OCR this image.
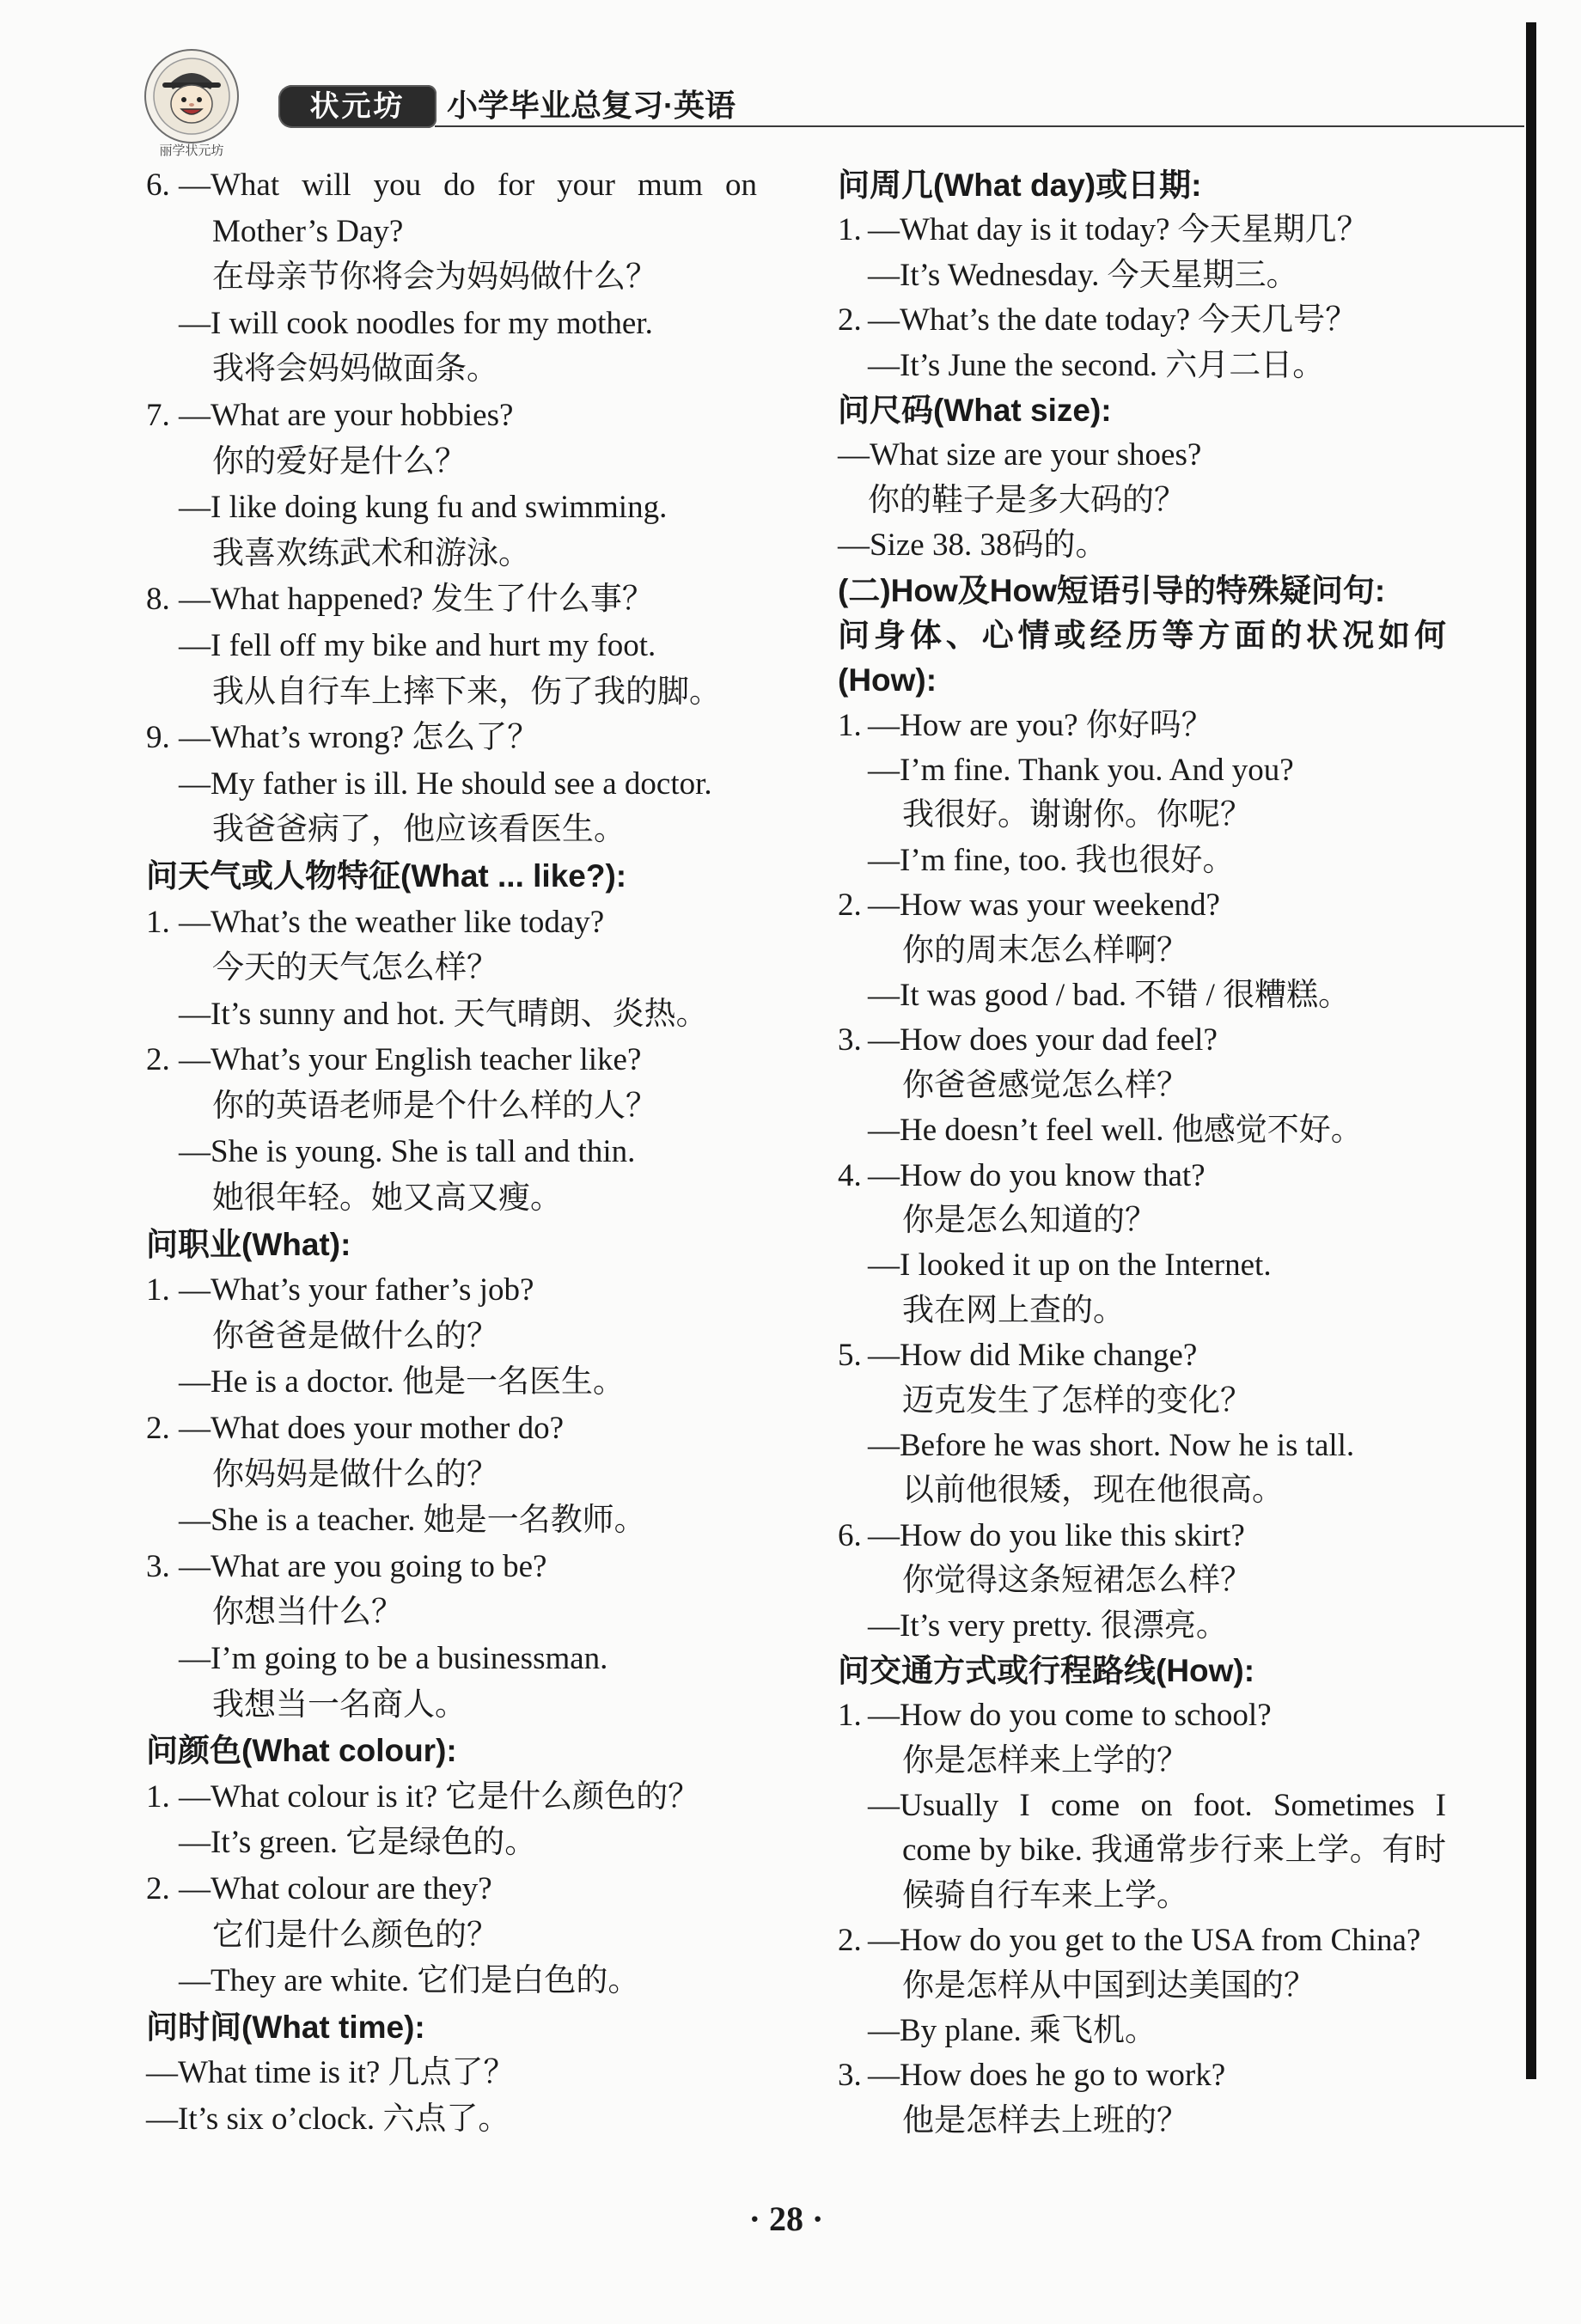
丽学状元坊
状元坊	小学毕业总复习·英语
6. —What will you do for your mum on
Mother’s Day?
在母亲节你将会为妈妈做什么？
—I will cook noodles for my mother.
我将会妈妈做面条。
7. —What are your hobbies?
你的爱好是什么？
—I like doing kung fu and swimming.
我喜欢练武术和游泳。
8. —What happened? 发生了什么事？
—I fell off my bike and hurt my foot.
我从自行车上摔下来，伤了我的脚。
9. —What’s wrong? 怎么了？
—My father is ill. He should see a doctor.
我爸爸病了，他应该看医生。
问天气或人物特征(What ... like?):
1. —What’s the weather like today?
今天的天气怎么样？
—It’s sunny and hot. 天气晴朗、炎热。
2. —What’s your English teacher like?
你的英语老师是个什么样的人？
—She is young. She is tall and thin.
她很年轻。她又高又瘦。
问职业(What):
1. —What’s your father’s job?
你爸爸是做什么的？
—He is a doctor. 他是一名医生。
2. —What does your mother do?
你妈妈是做什么的？
—She is a teacher. 她是一名教师。
3. —What are you going to be?
你想当什么？
—I’m going to be a businessman.
我想当一名商人。
问颜色(What colour):
1. —What colour is it? 它是什么颜色的？
—It’s green. 它是绿色的。
2. —What colour are they?
它们是什么颜色的？
—They are white. 它们是白色的。
问时间(What time):
—What time is it? 几点了？
—It’s six o’clock. 六点了。
问周几(What day)或日期:
1. —What day is it today? 今天星期几？
—It’s Wednesday. 今天星期三。
2. —What’s the date today? 今天几号？
—It’s June the second. 六月二日。
问尺码(What size):
—What size are your shoes?
你的鞋子是多大码的？
—Size 38. 38码的。
(二)How及How短语引导的特殊疑问句:
问身体、心情或经历等方面的状况如何
(How):
1. —How are you? 你好吗？
—I’m fine. Thank you. And you?
我很好。谢谢你。你呢？
—I’m fine, too. 我也很好。
2. —How was your weekend?
你的周末怎么样啊？
—It was good / bad. 不错 / 很糟糕。
3. —How does your dad feel?
你爸爸感觉怎么样？
—He doesn’t feel well. 他感觉不好。
4. —How do you know that?
你是怎么知道的？
—I looked it up on the Internet.
我在网上查的。
5. —How did Mike change?
迈克发生了怎样的变化？
—Before he was short. Now he is tall.
以前他很矮，现在他很高。
6. —How do you like this skirt?
你觉得这条短裙怎么样？
—It’s very pretty. 很漂亮。
问交通方式或行程路线(How):
1. —How do you come to school?
你是怎样来上学的？
—Usually I come on foot. Sometimes I
come by bike. 我通常步行来上学。有时
候骑自行车来上学。
2. —How do you get to the USA from China?
你是怎样从中国到达美国的？
—By plane. 乘飞机。
3. —How does he go to work?
他是怎样去上班的？
· 28 ·
